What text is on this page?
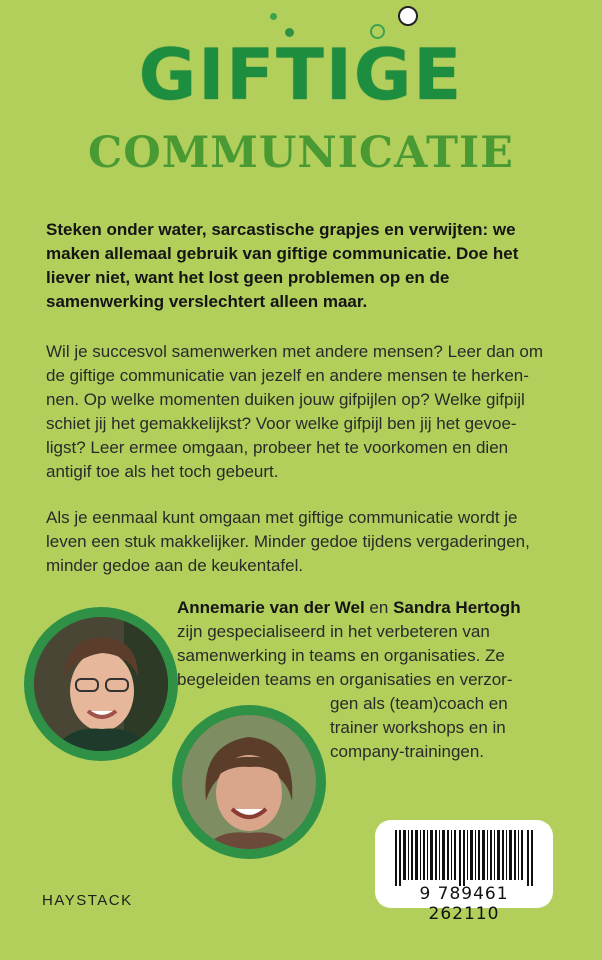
GIFTIGE
COMMUNICATIE
Steken onder water, sarcastische grapjes en verwijten: we maken allemaal gebruik van giftige communicatie. Doe het liever niet, want het lost geen problemen op en de samenwerking verslechtert alleen maar.
Wil je succesvol samenwerken met andere mensen? Leer dan om
de giftige communicatie van jezelf en andere mensen te herken-
nen. Op welke momenten duiken jouw gifpijlen op? Welke gifpijl
schiet jij het gemakkelijkst? Voor welke gifpijl ben jij het gevoe-
ligst? Leer ermee omgaan, probeer het te voorkomen en dien
antigif toe als het toch gebeurt.
Als je eenmaal kunt omgaan met giftige communicatie wordt je
leven een stuk makkelijker. Minder gedoe tijdens vergaderingen,
minder gedoe aan de keukentafel.
Annemarie van der Wel en Sandra Hertogh
zijn gespecialiseerd in het verbeteren van
samenwerking in teams en organisaties. Ze
begeleiden teams en organisaties en verzor-
gen als (team)coach en
trainer workshops en in
company-trainingen.
9 789461 262110
HAYSTACK
